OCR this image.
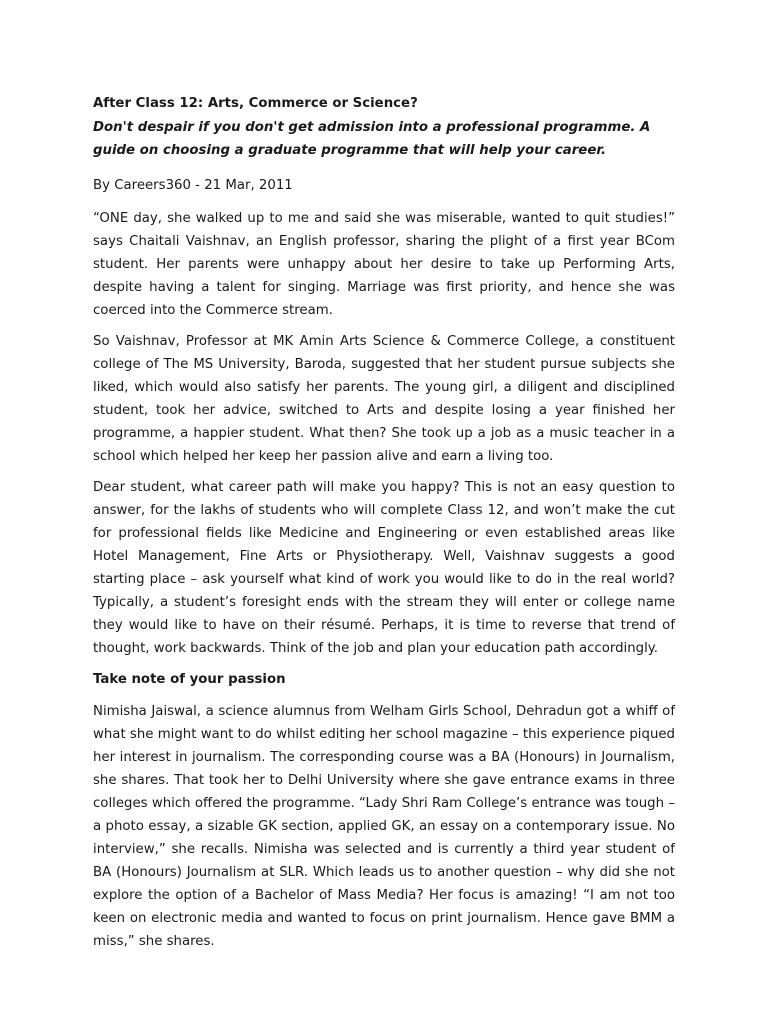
After Class 12: Arts, Commerce or Science?
Don't despair if you don't get admission into a professional programme. A guide on choosing a graduate programme that will help your career.
By Careers360 - 21 Mar, 2011

“ONE day, she walked up to me and said she was miserable, wanted to quit studies!” says Chaitali Vaishnav, an English professor, sharing the plight of a first year BCom student. Her parents were unhappy about her desire to take up Performing Arts, despite having a talent for singing. Marriage was first priority, and hence she was coerced into the Commerce stream.

So Vaishnav, Professor at MK Amin Arts Science & Commerce College, a constituent college of The MS University, Baroda, suggested that her student pursue subjects she liked, which would also satisfy her parents. The young girl, a diligent and disciplined student, took her advice, switched to Arts and despite losing a year finished her programme, a happier student. What then? She took up a job as a music teacher in a school which helped her keep her passion alive and earn a living too.

Dear student, what career path will make you happy? This is not an easy question to answer, for the lakhs of students who will complete Class 12, and won’t make the cut for professional fields like Medicine and Engineering or even established areas like Hotel Management, Fine Arts or Physiotherapy. Well, Vaishnav suggests a good starting place – ask yourself what kind of work you would like to do in the real world? Typically, a student’s foresight ends with the stream they will enter or college name they would like to have on their résumé. Perhaps, it is time to reverse that trend of thought, work backwards. Think of the job and plan your education path accordingly.

Take note of your passion

Nimisha Jaiswal, a science alumnus from Welham Girls School, Dehradun got a whiff of what she might want to do whilst editing her school magazine – this experience piqued her interest in journalism. The corresponding course was a BA (Honours) in Journalism, she shares. That took her to Delhi University where she gave entrance exams in three colleges which offered the programme. “Lady Shri Ram College’s entrance was tough – a photo essay, a sizable GK section, applied GK, an essay on a contemporary issue. No interview,” she recalls. Nimisha was selected and is currently a third year student of BA (Honours) Journalism at SLR. Which leads us to another question – why did she not explore the option of a Bachelor of Mass Media? Her focus is amazing! “I am not too keen on electronic media and wanted to focus on print journalism. Hence gave BMM a miss,” she shares.
